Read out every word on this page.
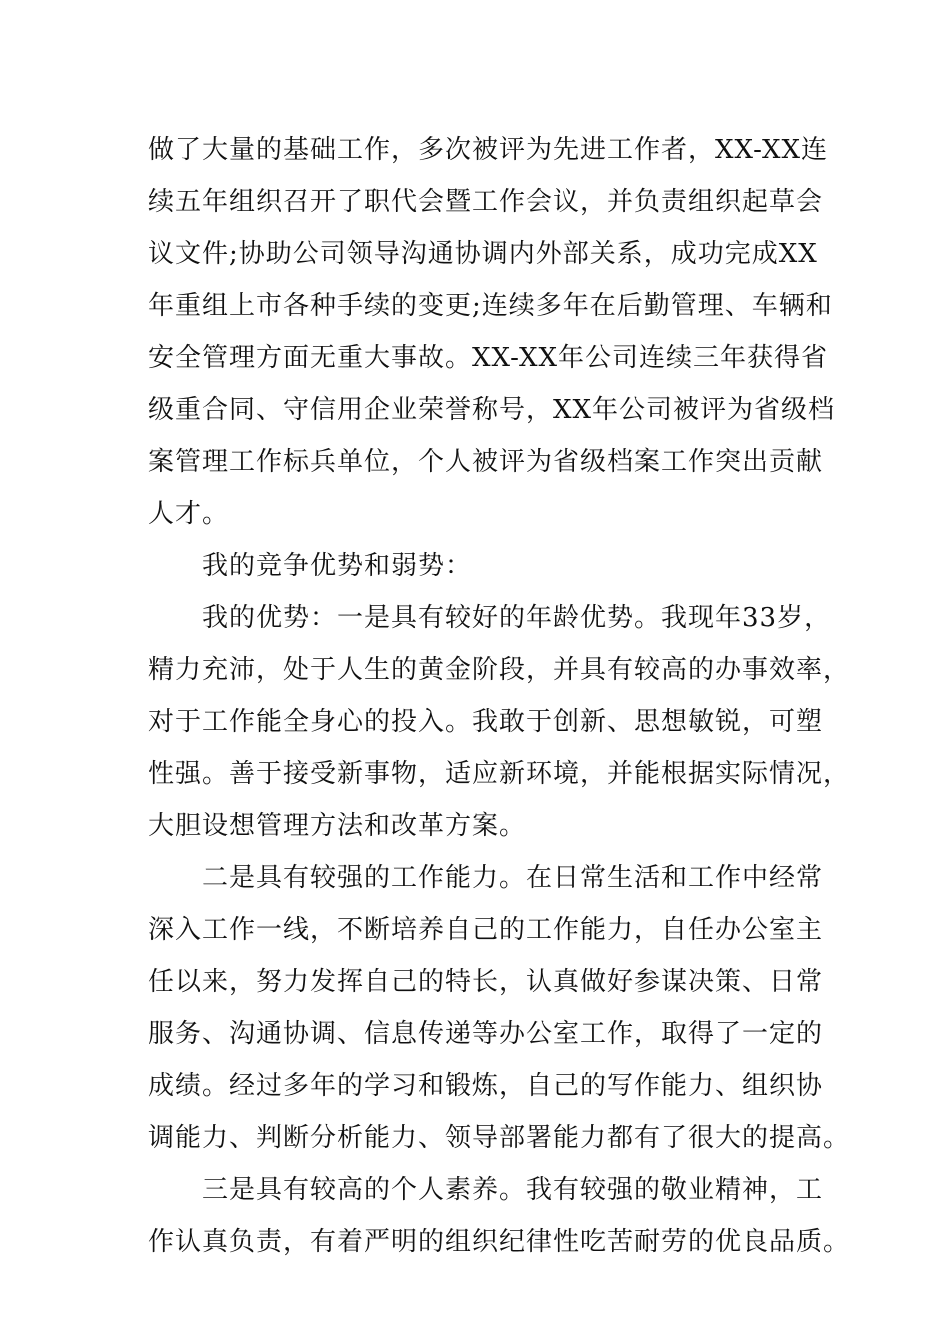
做了大量的基础工作，多次被评为先进工作者，XX-XX连
续五年组织召开了职代会暨工作会议，并负责组织起草会
议文件;协助公司领导沟通协调内外部关系，成功完成XX
年重组上市各种手续的变更;连续多年在后勤管理、车辆和
安全管理方面无重大事故。XX-XX年公司连续三年获得省
级重合同、守信用企业荣誉称号，XX年公司被评为省级档
案管理工作标兵单位，个人被评为省级档案工作突出贡献
人才。
我的竞争优势和弱势：
我的优势：一是具有较好的年龄优势。我现年33岁，
精力充沛，处于人生的黄金阶段，并具有较高的办事效率，
对于工作能全身心的投入。我敢于创新、思想敏锐，可塑
性强。善于接受新事物，适应新环境，并能根据实际情况，
大胆设想管理方法和改革方案。
二是具有较强的工作能力。在日常生活和工作中经常
深入工作一线，不断培养自己的工作能力，自任办公室主
任以来，努力发挥自己的特长，认真做好参谋决策、日常
服务、沟通协调、信息传递等办公室工作，取得了一定的
成绩。经过多年的学习和锻炼，自己的写作能力、组织协
调能力、判断分析能力、领导部署能力都有了很大的提高。
三是具有较高的个人素养。我有较强的敬业精神，工
作认真负责，有着严明的组织纪律性吃苦耐劳的优良品质。
